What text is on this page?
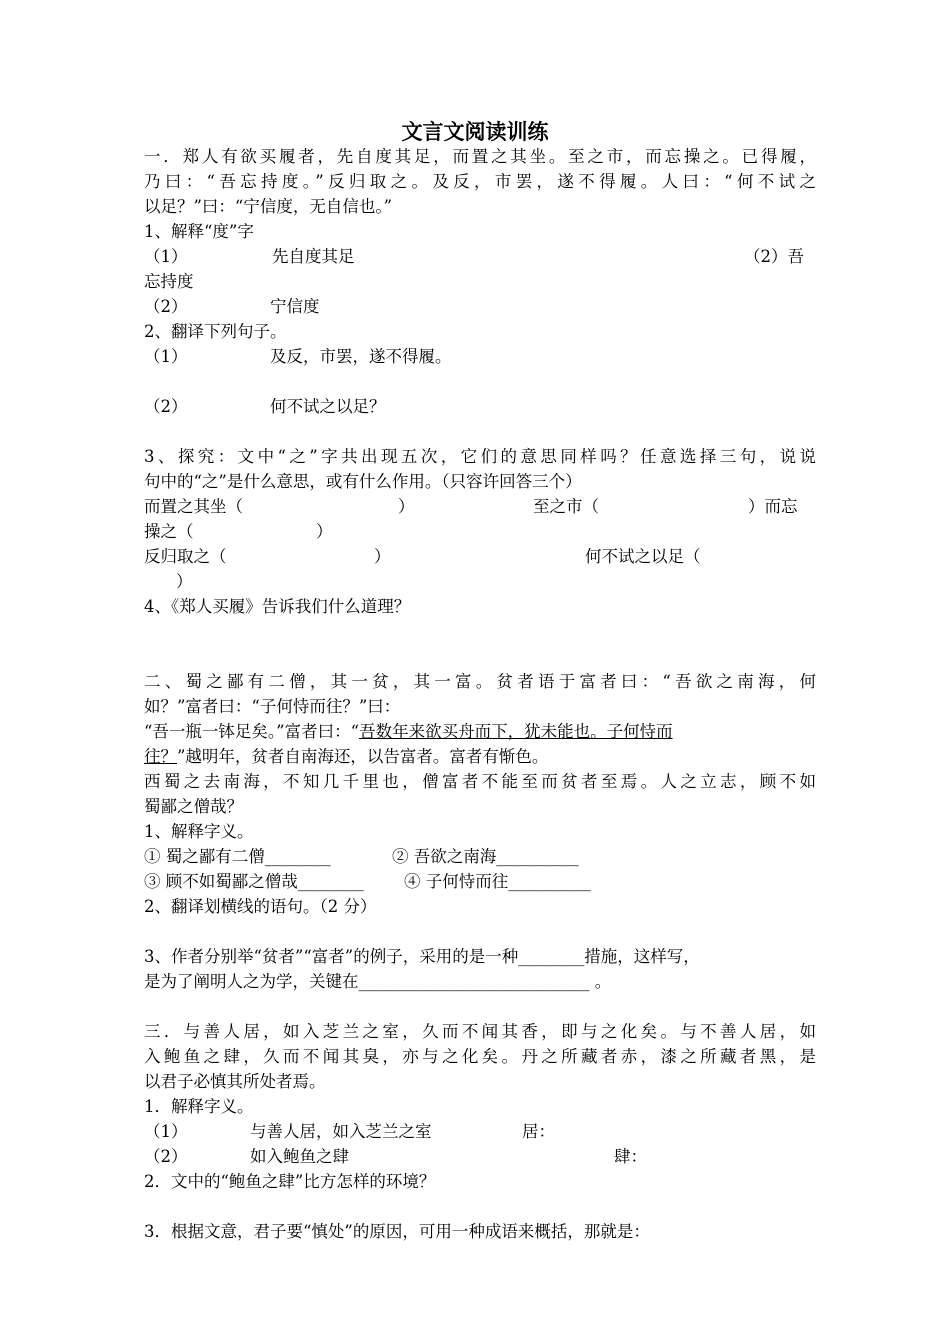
文言文阅读训练
一．郑人有欲买履者，先自度其足，而置之其坐。至之市，而忘操之。已得履，
乃曰：“吾忘持度。”反归取之。及反，市罢，遂不得履。人曰：“何不试之
以足？”曰：“宁信度，无自信也。”
1、解释“度”字
（1）	先自度其足	（2）吾
忘持度
（2）	宁信度
2、翻译下列句子。
（1）	及反，市罢，遂不得履。
（2）	何不试之以足？
3、探究：文中“之”字共出现五次，它们的意思同样吗？任意选择三句，说说
句中的“之”是什么意思，或有什么作用。（只容许回答三个）
而置之其坐（	）	至之市（	）而忘
操之（	）
反归取之（	）	何不试之以足（
）
4、《郑人买履》告诉我们什么道理？
二、蜀之鄙有二僧，其一贫，其一富。贫者语于富者曰：“吾欲之南海，何
如？”富者曰：“子何恃而往？”曰：
“吾一瓶一钵足矣。”富者曰：“吾数年来欲买舟而下，犹未能也。子何恃而
往？”越明年，贫者自南海还，以告富者。富者有惭色。
西蜀之去南海，不知几千里也，僧富者不能至而贫者至焉。人之立志，顾不如
蜀鄙之僧哉？
1、解释字义。
① 蜀之鄙有二僧________	② 吾欲之南海__________
③ 顾不如蜀鄙之僧哉________ ④ 子何恃而往__________
2、翻译划横线的语句。（2 分）
3、作者分别举“贫者”“富者”的例子，采用的是一种________措施，这样写，
是为了阐明人之为学，关键在____________________________ 。
三．与善人居，如入芝兰之室，久而不闻其香，即与之化矣。与不善人居，如
入鲍鱼之肆，久而不闻其臭，亦与之化矣。丹之所藏者赤，漆之所藏者黑，是
以君子必慎其所处者焉。
1．解释字义。
（1）	与善人居，如入芝兰之室	居：
（2）	如入鲍鱼之肆	肆：
2．文中的“鲍鱼之肆”比方怎样的环境？
3．根据文意，君子要“慎处”的原因，可用一种成语来概括，那就是：
